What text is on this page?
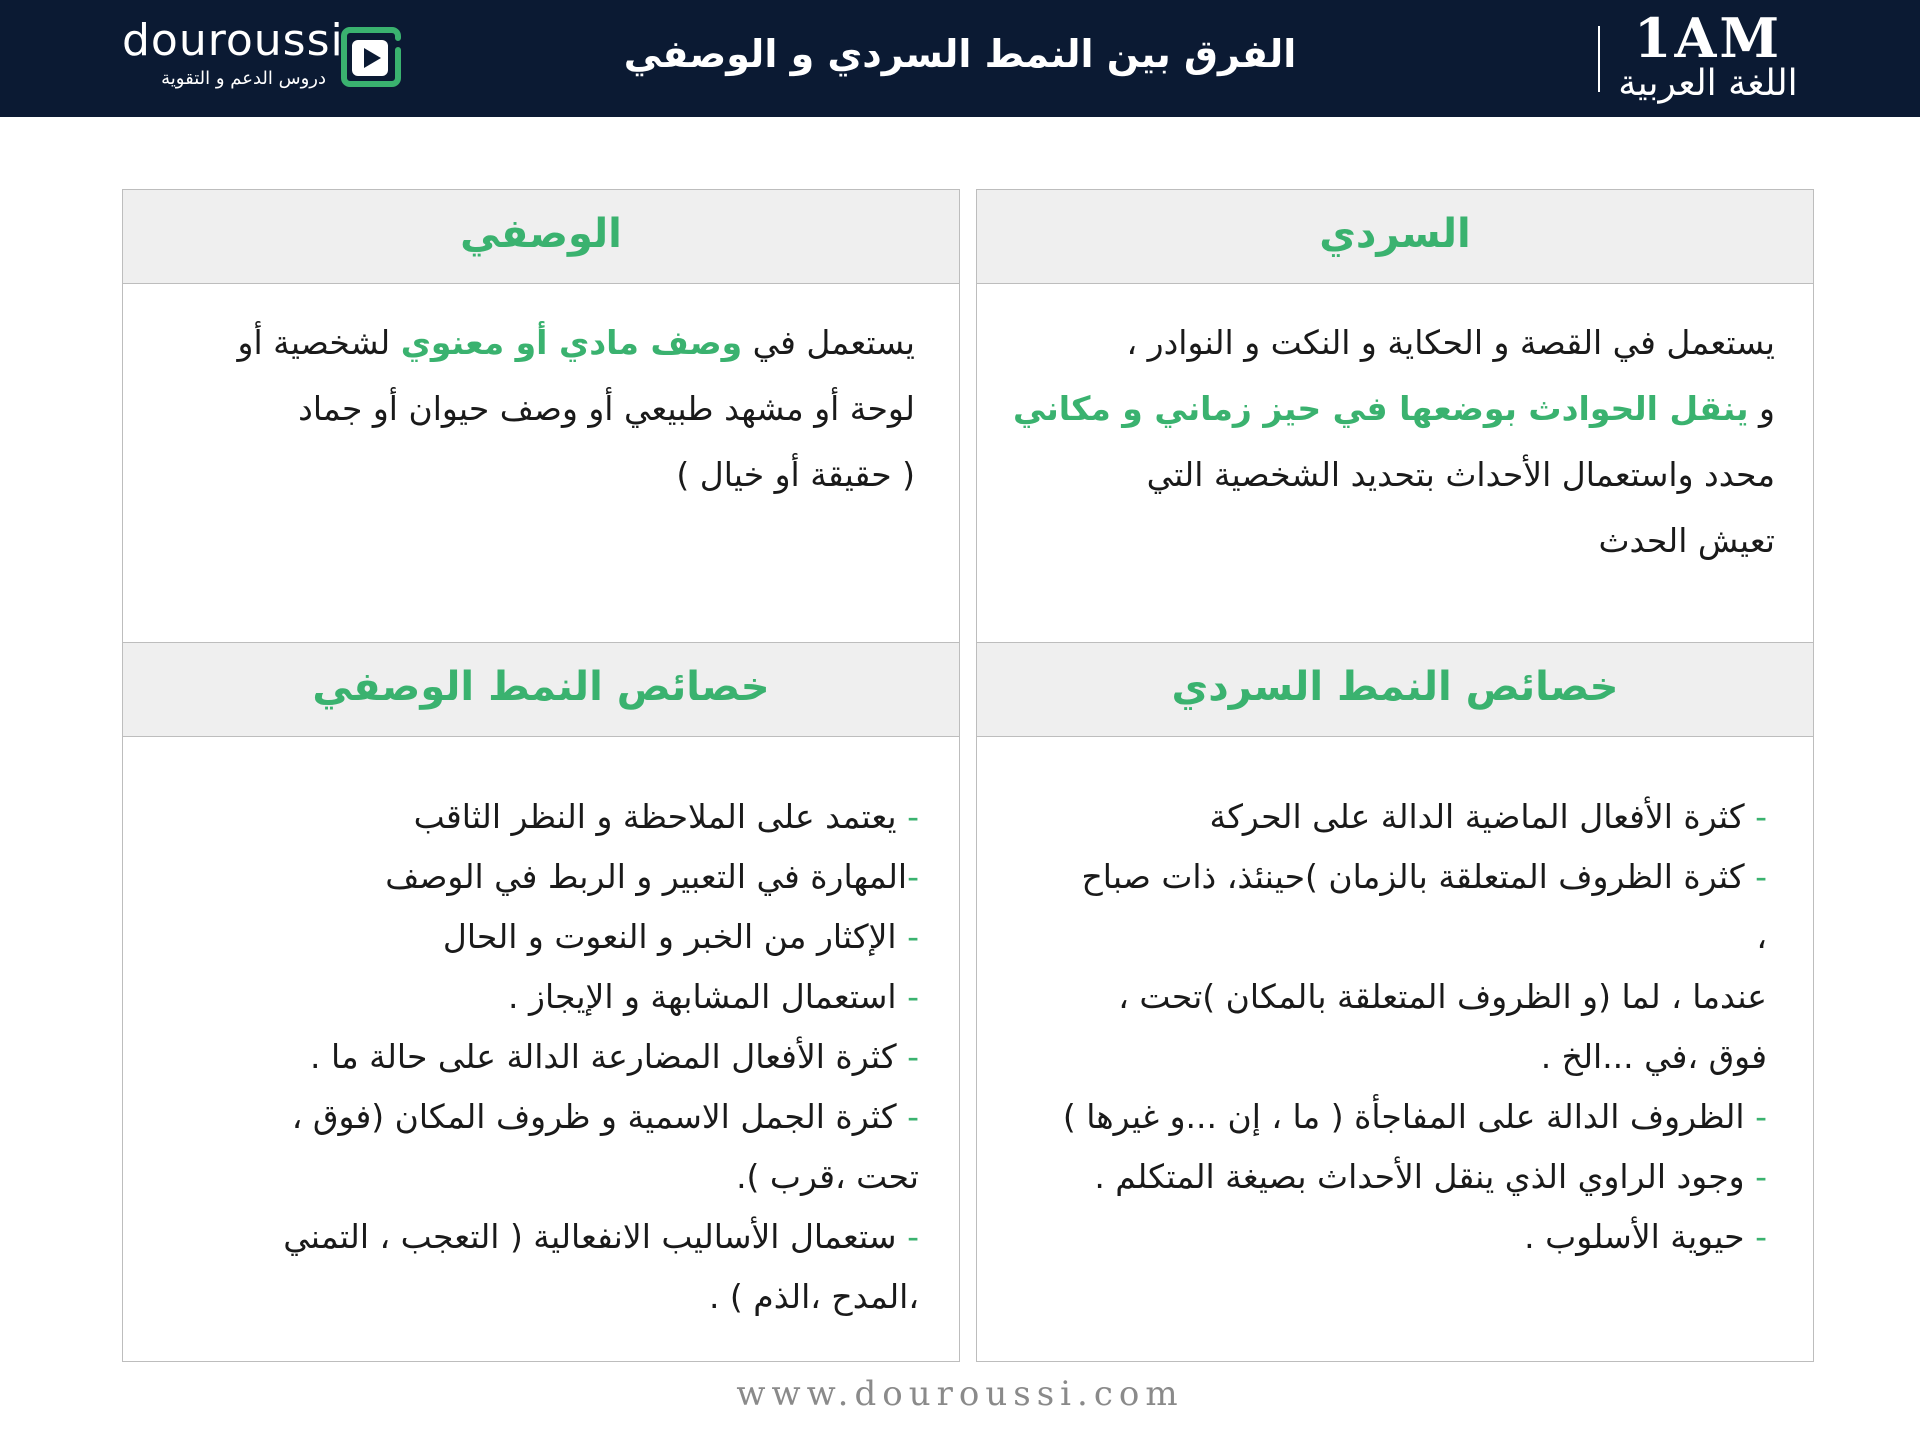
douroussi
دروس الدعم و التقوية
الفرق بين النمط السردي و الوصفي	1AM
اللغة العربية
السردي
الوصفي
يستعمل في القصة و الحكاية و النكت و النوادر ،
و ينقل الحوادث بوضعها في حيز زماني و مكاني
محدد واستعمال الأحداث بتحديد الشخصية التي
تعيش الحدث
يستعمل في وصف مادي أو معنوي لشخصية أو
لوحة أو مشهد طبيعي أو وصف حيوان أو جماد
( حقيقة أو خيال )
خصائص النمط السردي
خصائص النمط الوصفي
- كثرة الأفعال الماضية الدالة على الحركة
- كثرة الظروف المتعلقة بالزمان )حينئذ، ذات صباح
،
عندما ، لما (و الظروف المتعلقة بالمكان )تحت ،
فوق ،في ...الخ .
- الظروف الدالة على المفاجأة ( ما ، إن ...و غيرها )
- وجود الراوي الذي ينقل الأحداث بصيغة المتكلم .
- حيوية الأسلوب .
- يعتمد على الملاحظة و النظر الثاقب
-المهارة في التعبير و الربط في الوصف
- الإكثار من الخبر و النعوت و الحال
- استعمال المشابهة و الإيجاز .
- كثرة الأفعال المضارعة الدالة على حالة ما .
- كثرة الجمل الاسمية و ظروف المكان (فوق ،
تحت ،قرب ).
- ستعمال الأساليب الانفعالية ( التعجب ، التمني
،المدح ،الذم ) .
www.douroussi.com
